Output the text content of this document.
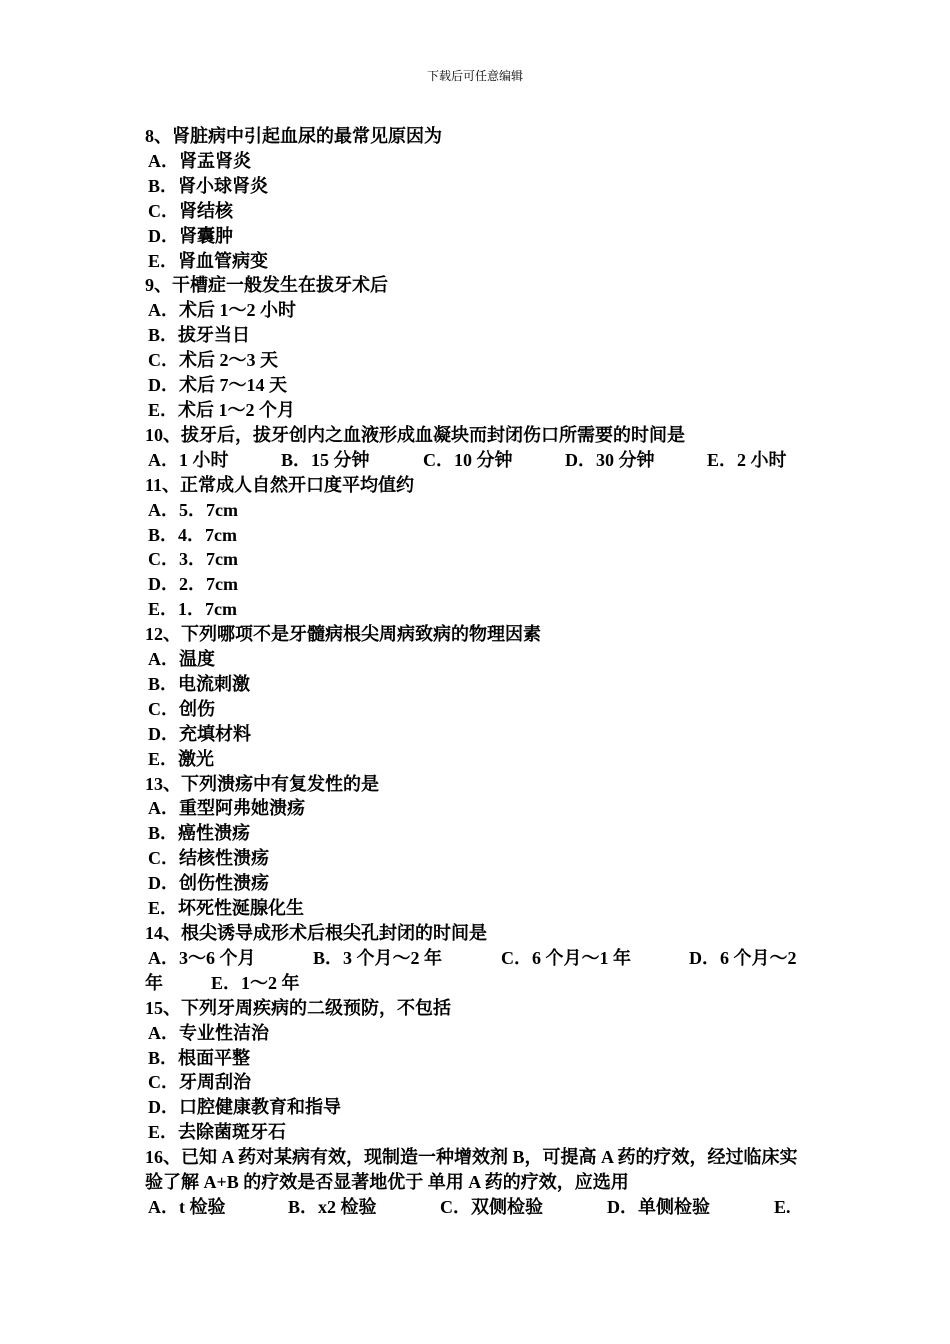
下载后可任意编辑
8、肾脏病中引起血尿的最常见原因为
A．肾盂肾炎
B．肾小球肾炎
C．肾结核
D．肾囊肿
E．肾血管病变
9、干槽症一般发生在拔牙术后
A．术后 1～2 小时
B．拔牙当日
C．术后 2～3 天
D．术后 7～14 天
E．术后 1～2 个月
10、拔牙后，拔牙创内之血液形成血凝块而封闭伤口所需要的时间是
A．1 小时	B．15 分钟	C．10 分钟	D．30 分钟	E．2 小时
11、正常成人自然开口度平均值约
A．5．7cm
B．4．7cm
C．3．7cm
D．2．7cm
E．1．7cm
12、下列哪项不是牙髓病根尖周病致病的物理因素
A．温度
B．电流刺激
C．创伤
D．充填材料
E．激光
13、下列溃疡中有复发性的是
A．重型阿弗她溃疡
B．癌性溃疡
C．结核性溃疡
D．创伤性溃疡
E．坏死性涎腺化生
14、根尖诱导成形术后根尖孔封闭的时间是
A．3～6 个月	B．3 个月～2 年	C．6 个月～1 年	D．6 个月～2
年	E．1～2 年
15、下列牙周疾病的二级预防，不包括
A．专业性洁治
B．根面平整
C．牙周刮治
D．口腔健康教育和指导
E．去除菌斑牙石
16、已知 A 药对某病有效，现制造一种增效剂 B，可提高 A 药的疗效，经过临床实验了解 A+B 的疗效是否显著地优于 单用 A 药的疗效，应选用
A．t 检验	B．x2 检验	C．双侧检验	D．单侧检验	E.
